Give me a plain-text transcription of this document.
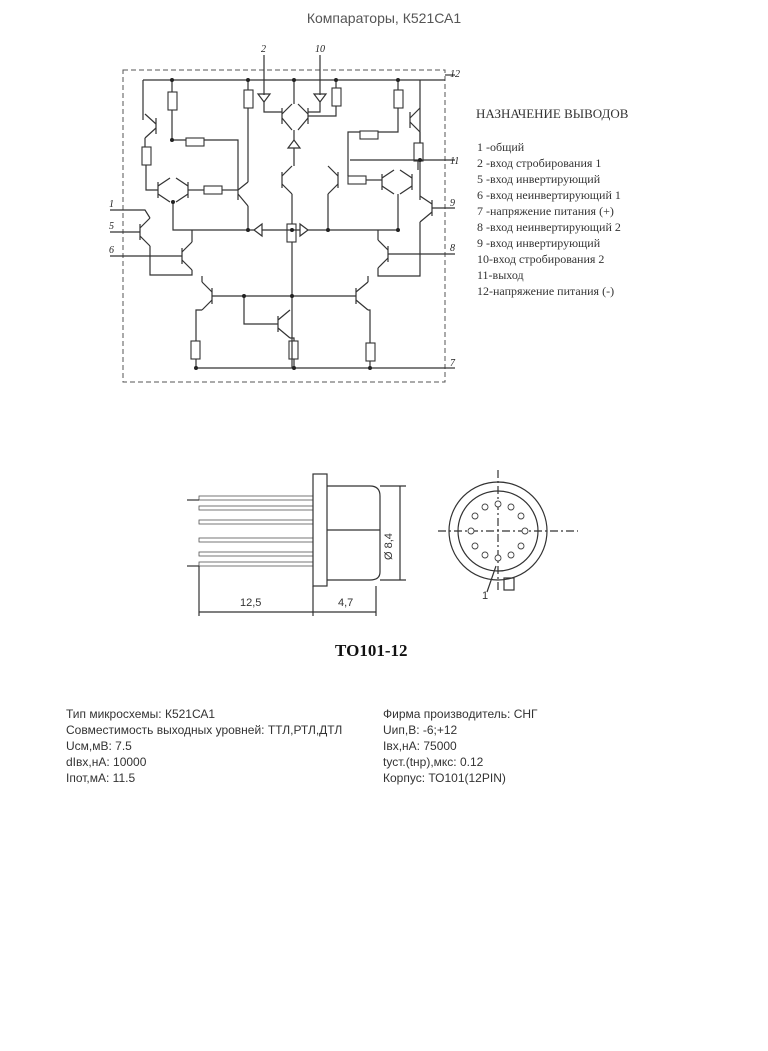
Компараторы, К521СА1
12
2	10
11
1
5
6
9
8
7
12,5	4,7
Ø 8,4
1
НАЗНАЧЕНИЕ ВЫВОДОВ
1 -общий
2 -вход стробирования 1
5 -вход инвертирующий
6 -вход неинвертирующий 1
7 -напряжение питания (+)
8 -вход неинвертирующий 2
9 -вход инвертирующий
10-вход стробирования 2
11-выход
12-напряжение питания (-)
ТО101-12
Тип микросхемы: К521СА1
Совместимость выходных уровней: ТТЛ,РТЛ,ДТЛ
Uсм,мВ: 7.5
dIвх,нА: 10000
Iпот,мА: 11.5
Фирма производитель: СНГ
Uип,В: -6;+12
Iвх,нА: 75000
tуст.(tнр),мкс: 0.12
Корпус: ТО101(12PIN)
